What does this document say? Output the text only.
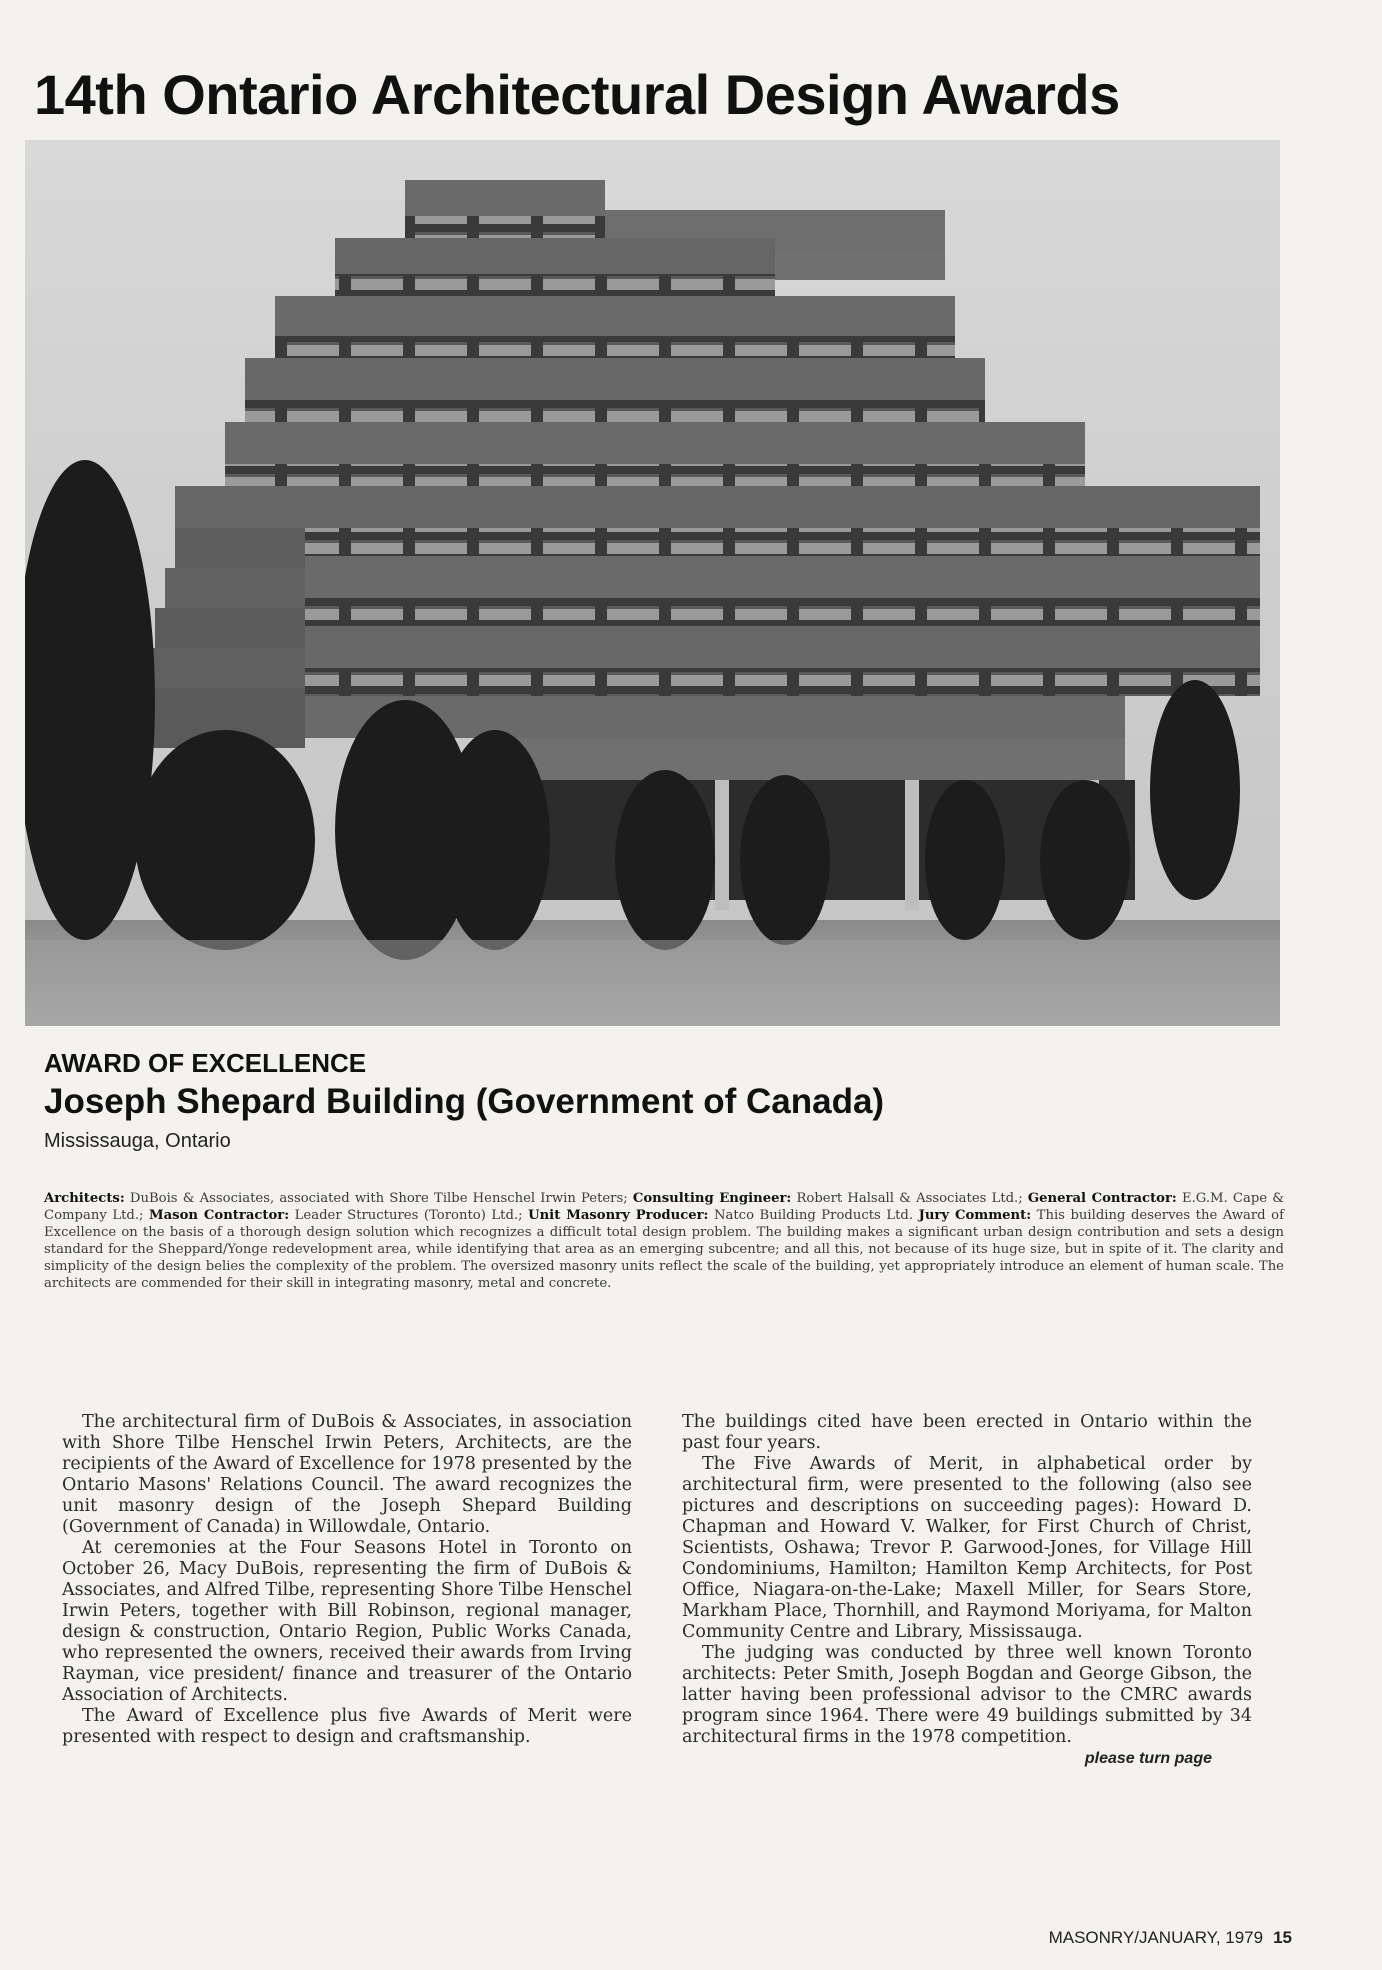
14th Ontario Architectural Design Awards
AWARD OF EXCELLENCE
Joseph Shepard Building (Government of Canada)
Mississauga, Ontario
Architects: DuBois & Associates, associated with Shore Tilbe Henschel Irwin Peters; Consulting Engineer: Robert Halsall & Associates Ltd.; General Contractor: E.G.M. Cape & Company Ltd.; Mason Contractor: Leader Structures (Toronto) Ltd.; Unit Masonry Producer: Natco Building Products Ltd. Jury Comment: This building deserves the Award of Excellence on the basis of a thorough design solution which recognizes a difficult total design problem. The building makes a significant urban design contribution and sets a design standard for the Sheppard/Yonge redevelopment area, while identifying that area as an emerging subcentre; and all this, not because of its huge size, but in spite of it. The clarity and simplicity of the design belies the complexity of the problem. The oversized masonry units reflect the scale of the building, yet appropriately introduce an element of human scale. The architects are commended for their skill in integrating masonry, metal and concrete.

The architectural firm of DuBois & Associates, in association with Shore Tilbe Henschel Irwin Peters, Architects, are the recipients of the Award of Excellence for 1978 presented by the Ontario Masons' Relations Council. The award recognizes the unit masonry design of the Joseph Shepard Building (Government of Canada) in Willowdale, Ontario.

At ceremonies at the Four Seasons Hotel in Toronto on October 26, Macy DuBois, representing the firm of DuBois & Associates, and Alfred Tilbe, representing Shore Tilbe Henschel Irwin Peters, together with Bill Robinson, regional manager, design & construction, Ontario Region, Public Works Canada, who represented the owners, received their awards from Irving Rayman, vice president/ finance and treasurer of the Ontario Association of Architects.

The Award of Excellence plus five Awards of Merit were presented with respect to design and craftsmanship.

The buildings cited have been erected in Ontario within the past four years.

The Five Awards of Merit, in alphabetical order by architectural firm, were presented to the following (also see pictures and descriptions on succeeding pages): Howard D. Chapman and Howard V. Walker, for First Church of Christ, Scientists, Oshawa; Trevor P. Garwood-Jones, for Village Hill Condominiums, Hamilton; Hamilton Kemp Architects, for Post Office, Niagara-on-the-Lake; Maxell Miller, for Sears Store, Markham Place, Thornhill, and Raymond Moriyama, for Malton Community Centre and Library, Mississauga.

The judging was conducted by three well known Toronto architects: Peter Smith, Joseph Bogdan and George Gibson, the latter having been professional advisor to the CMRC awards program since 1964. There were 49 buildings submitted by 34 architectural firms in the 1978 competition.
please turn page

MASONRY/JANUARY, 1979 15
